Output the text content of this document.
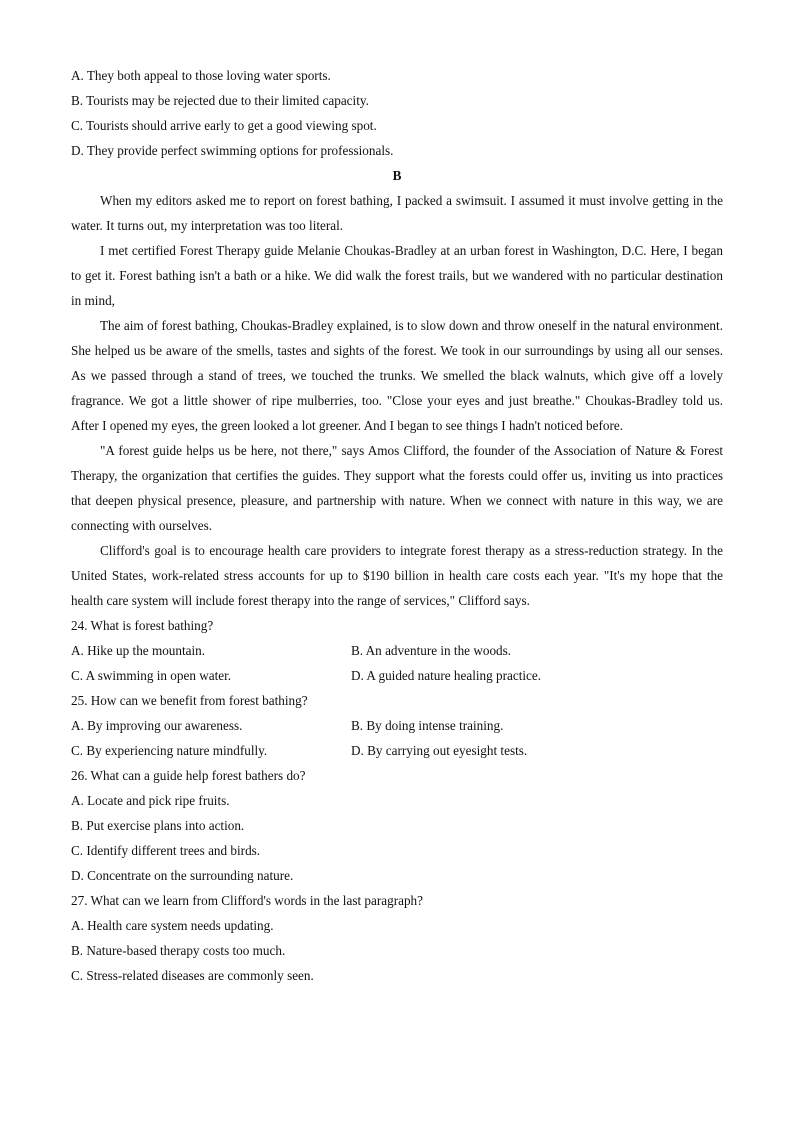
A. They both appeal to those loving water sports.

B. Tourists may be rejected due to their limited capacity.

C. Tourists should arrive early to get a good viewing spot.

D. They provide perfect swimming options for professionals.

B

When my editors asked me to report on forest bathing, I packed a swimsuit. I assumed it must involve getting in the water. It turns out, my interpretation was too literal.

I met certified Forest Therapy guide Melanie Choukas-Bradley at an urban forest in Washington, D.C. Here, I began to get it. Forest bathing isn't a bath or a hike. We did walk the forest trails, but we wandered with no particular destination in mind,

The aim of forest bathing, Choukas-Bradley explained, is to slow down and throw oneself in the natural environment. She helped us be aware of the smells, tastes and sights of the forest. We took in our surroundings by using all our senses. As we passed through a stand of trees, we touched the trunks. We smelled the black walnuts, which give off a lovely fragrance. We got a little shower of ripe mulberries, too. "Close your eyes and just breathe." Choukas-Bradley told us. After I opened my eyes, the green looked a lot greener. And I began to see things I hadn't noticed before.

"A forest guide helps us be here, not there," says Amos Clifford, the founder of the Association of Nature & Forest Therapy, the organization that certifies the guides. They support what the forests could offer us, inviting us into practices that deepen physical presence, pleasure, and partnership with nature. When we connect with nature in this way, we are connecting with ourselves.

Clifford's goal is to encourage health care providers to integrate forest therapy as a stress-reduction strategy. In the United States, work-related stress accounts for up to $190 billion in health care costs each year. "It's my hope that the health care system will include forest therapy into the range of services," Clifford says.

24. What is forest bathing?

A. Hike up the mountain.	B. An adventure in the woods.
C. A swimming in open water.	D. A guided nature healing practice.

25. How can we benefit from forest bathing?

A. By improving our awareness.	B. By doing intense training.
C. By experiencing nature mindfully.	D. By carrying out eyesight tests.

26. What can a guide help forest bathers do?

A. Locate and pick ripe fruits.

B. Put exercise plans into action.

C. Identify different trees and birds.

D. Concentrate on the surrounding nature.

27. What can we learn from Clifford's words in the last paragraph?

A. Health care system needs updating.

B. Nature-based therapy costs too much.

C. Stress-related diseases are commonly seen.
